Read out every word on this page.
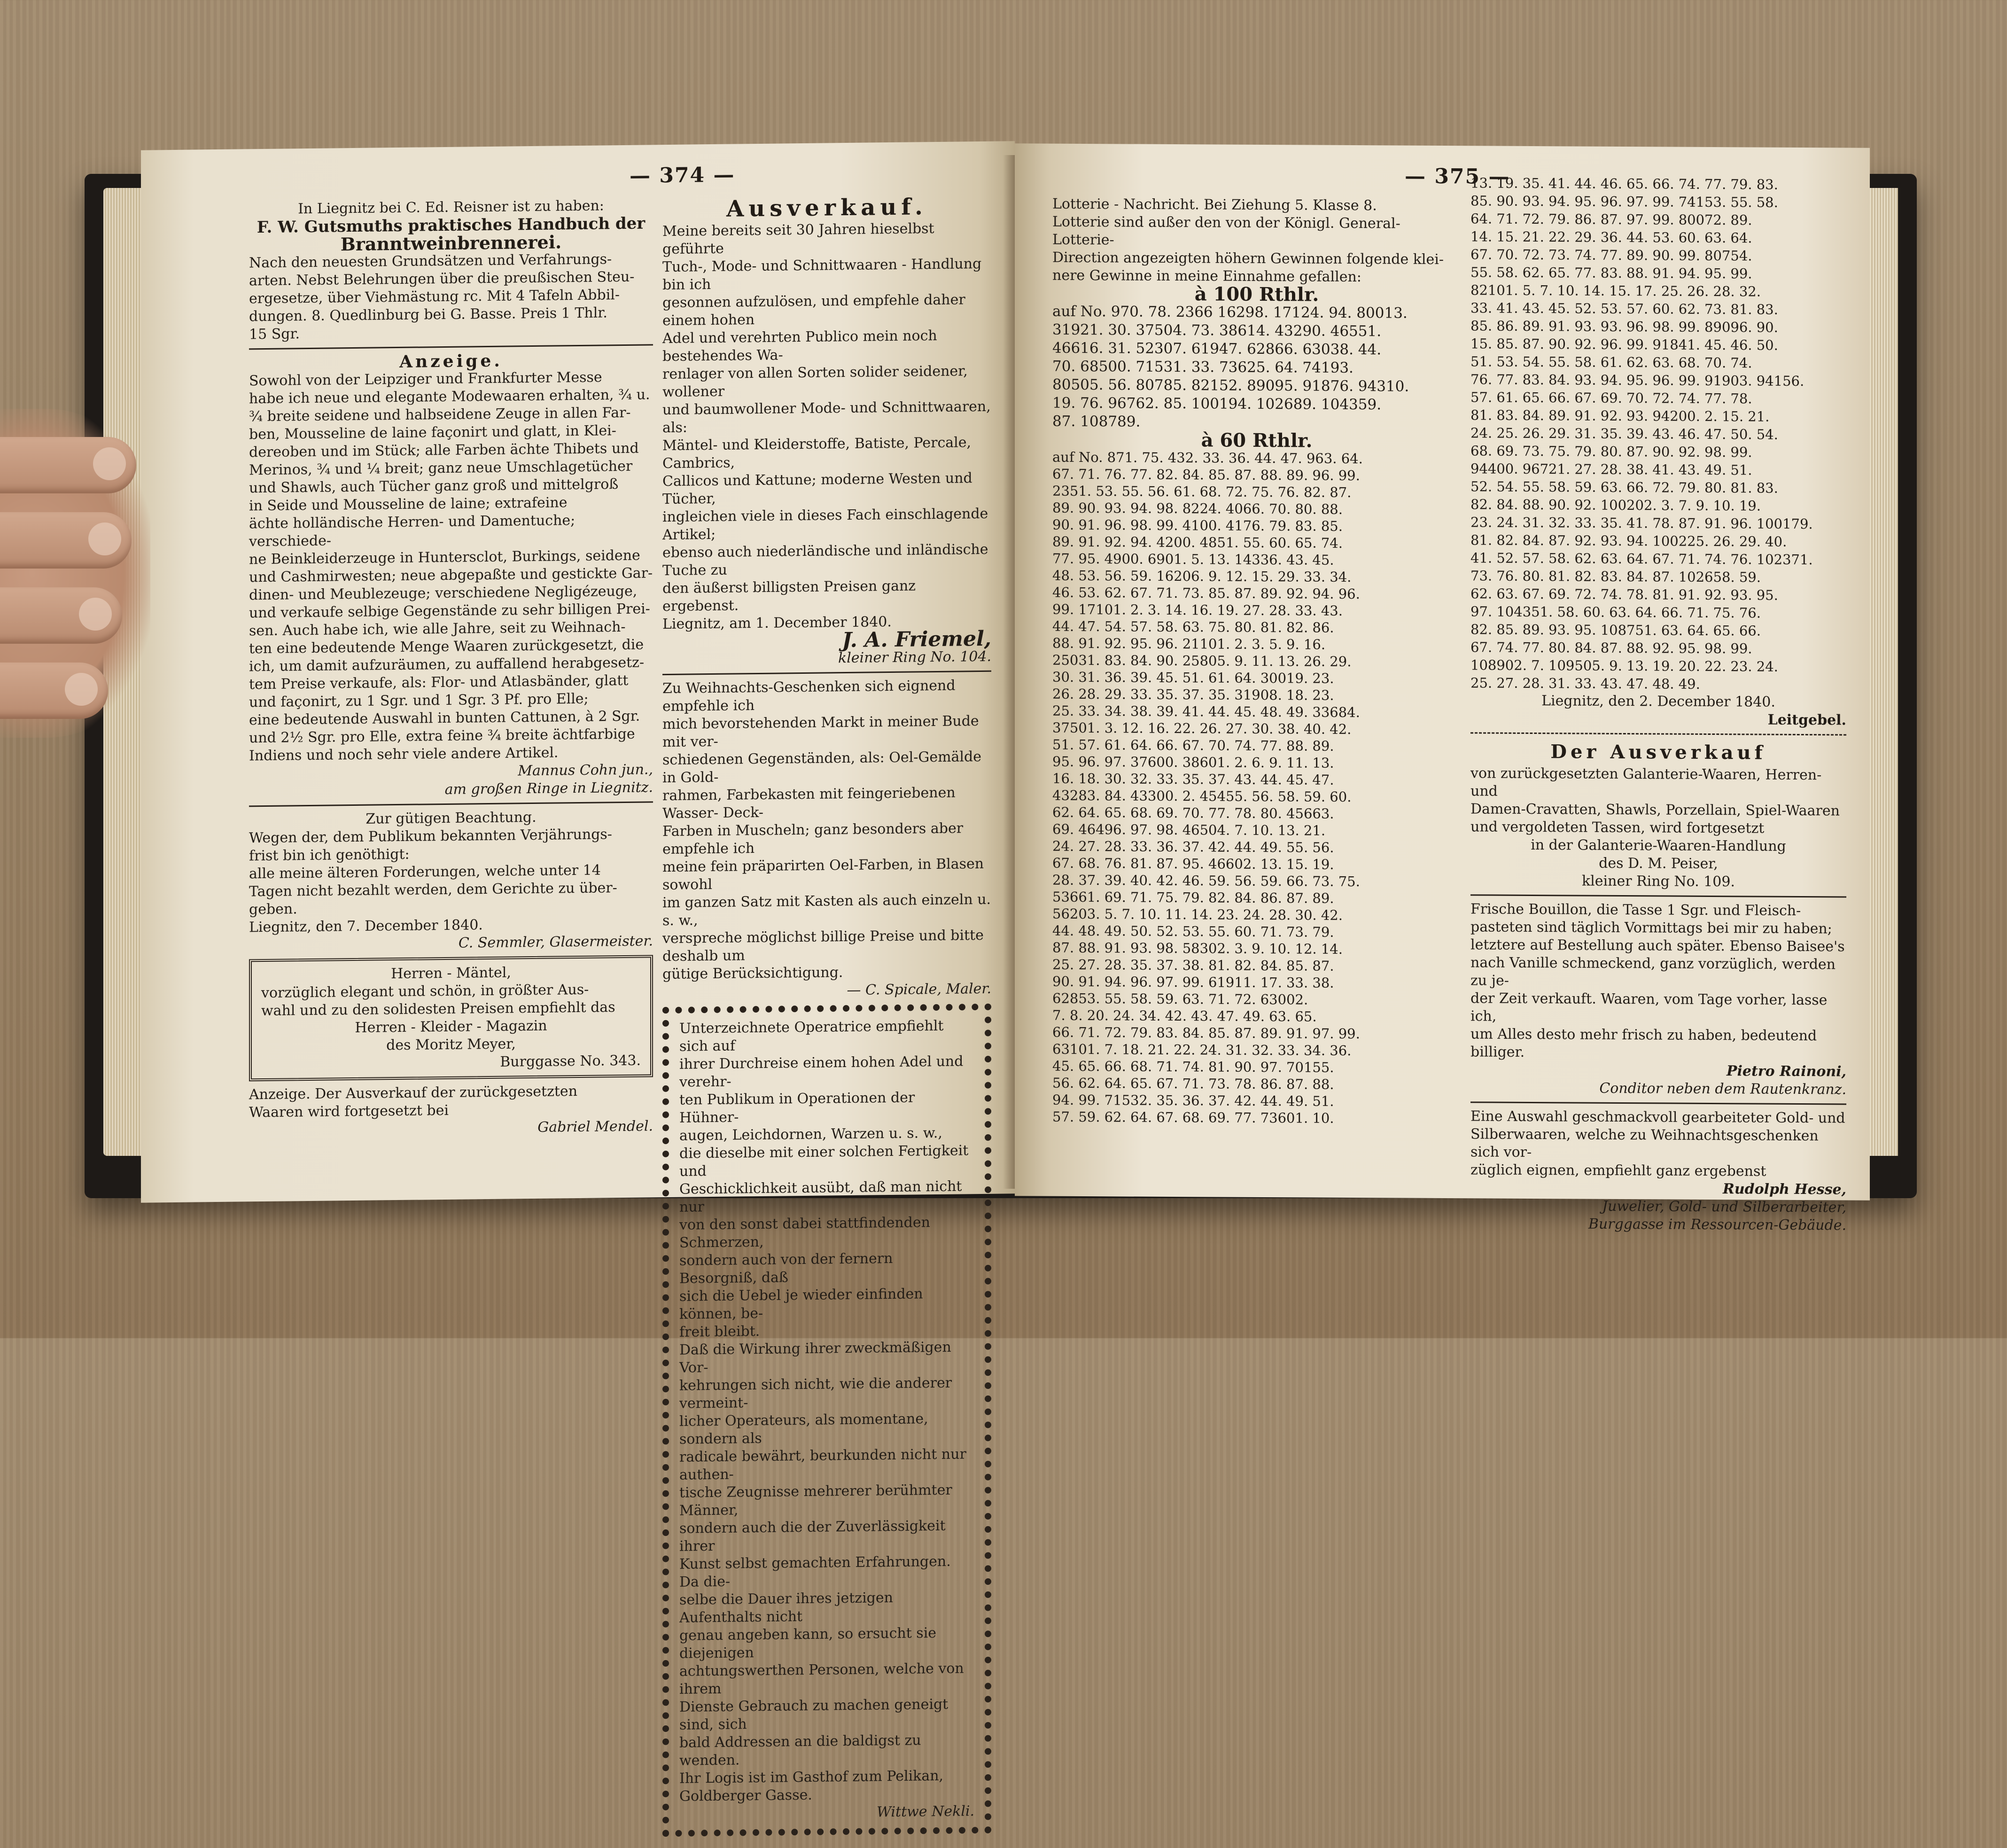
— 374 —

In Liegnitz bei C. Ed. Reisner ist zu haben:

F. W. Gutsmuths praktisches Handbuch der

Branntweinbrennerei.

Nach den neuesten Grundsätzen und Verfahrungs-

arten. Nebst Belehrungen über die preußischen Steu-

ergesetze, über Viehmästung rc. Mit 4 Tafeln Abbil-

dungen. 8. Quedlinburg bei G. Basse. Preis 1 Thlr.

15 Sgr.

Anzeige.

Sowohl von der Leipziger und Frankfurter Messe

habe ich neue und elegante Modewaaren erhalten, ¾ u.

¾ breite seidene und halbseidene Zeuge in allen Far-

ben, Mousseline de laine façonirt und glatt, in Klei-

dereoben und im Stück; alle Farben ächte Thibets und

Merinos, ¾ und ¼ breit; ganz neue Umschlagetücher

und Shawls, auch Tücher ganz groß und mittelgroß

in Seide und Mousseline de laine; extrafeine

ächte holländische Herren- und Damentuche; verschiede-

ne Beinkleiderzeuge in Huntersclot, Burkings, seidene

und Cashmirwesten; neue abgepaßte und gestickte Gar-

dinen- und Meublezeuge; verschiedene Negligézeuge,

und verkaufe selbige Gegenstände zu sehr billigen Prei-

sen. Auch habe ich, wie alle Jahre, seit zu Weihnach-

ten eine bedeutende Menge Waaren zurückgesetzt, die

ich, um damit aufzuräumen, zu auffallend herabgesetz-

tem Preise verkaufe, als: Flor- und Atlasbänder, glatt

und façonirt, zu 1 Sgr. und 1 Sgr. 3 Pf. pro Elle;

eine bedeutende Auswahl in bunten Cattunen, à 2 Sgr.

und 2½ Sgr. pro Elle, extra feine ¾ breite ächtfarbige

Indiens und noch sehr viele andere Artikel.

Mannus Cohn jun.,

am großen Ringe in Liegnitz.

Zur gütigen Beachtung.

Wegen der, dem Publikum bekannten Verjährungs-

frist bin ich genöthigt:

alle meine älteren Forderungen, welche unter 14

Tagen nicht bezahlt werden, dem Gerichte zu über-

geben.

Liegnitz, den 7. December 1840.

C. Semmler, Glasermeister.

Herren - Mäntel,

vorzüglich elegant und schön, in größter Aus-

wahl und zu den solidesten Preisen empfiehlt das

Herren - Kleider - Magazin

des Moritz Meyer,

Burggasse No. 343.

Anzeige. Der Ausverkauf der zurückgesetzten

Waaren wird fortgesetzt bei

Gabriel Mendel.

Ausverkauf.

Meine bereits seit 30 Jahren hieselbst geführte

Tuch-, Mode- und Schnittwaaren - Handlung bin ich

gesonnen aufzulösen, und empfehle daher einem hohen

Adel und verehrten Publico mein noch bestehendes Wa-

renlager von allen Sorten solider seidener, wollener

und baumwollener Mode- und Schnittwaaren, als:

Mäntel- und Kleiderstoffe, Batiste, Percale, Cambrics,

Callicos und Kattune; moderne Westen und Tücher,

ingleichen viele in dieses Fach einschlagende Artikel;

ebenso auch niederländische und inländische Tuche zu

den äußerst billigsten Preisen ganz ergebenst.

Liegnitz, am 1. December 1840.

J. A. Friemel,

kleiner Ring No. 104.

Zu Weihnachts-Geschenken sich eignend empfehle ich

mich bevorstehenden Markt in meiner Bude mit ver-

schiedenen Gegenständen, als: Oel-Gemälde in Gold-

rahmen, Farbekasten mit feingeriebenen Wasser- Deck-

Farben in Muscheln; ganz besonders aber empfehle ich

meine fein präparirten Oel-Farben, in Blasen sowohl

im ganzen Satz mit Kasten als auch einzeln u. s. w.,

verspreche möglichst billige Preise und bitte deshalb um

gütige Berücksichtigung.

— C. Spicale, Maler.

Unterzeichnete Operatrice empfiehlt sich auf

ihrer Durchreise einem hohen Adel und verehr-

ten Publikum in Operationen der Hühner-

augen, Leichdornen, Warzen u. s. w.,

die dieselbe mit einer solchen Fertigkeit und

Geschicklichkeit ausübt, daß man nicht nur

von den sonst dabei stattfindenden Schmerzen,

sondern auch von der fernern Besorgniß, daß

sich die Uebel je wieder einfinden können, be-

freit bleibt.

Daß die Wirkung ihrer zweckmäßigen Vor-

kehrungen sich nicht, wie die anderer vermeint-

licher Operateurs, als momentane, sondern als

radicale bewährt, beurkunden nicht nur authen-

tische Zeugnisse mehrerer berühmter Männer,

sondern auch die der Zuverlässigkeit ihrer

Kunst selbst gemachten Erfahrungen. Da die-

selbe die Dauer ihres jetzigen Aufenthalts nicht

genau angeben kann, so ersucht sie diejenigen

achtungswerthen Personen, welche von ihrem

Dienste Gebrauch zu machen geneigt sind, sich

bald Addressen an die baldigst zu wenden.

Ihr Logis ist im Gasthof zum Pelikan,

Goldberger Gasse.

Wittwe Nekli.

— 375 —

Lotterie - Nachricht. Bei Ziehung 5. Klasse 8.

Lotterie sind außer den von der Königl. General-Lotterie-

Direction angezeigten höhern Gewinnen folgende klei-

nere Gewinne in meine Einnahme gefallen:

à 100 Rthlr.

auf No. 970. 78. 2366 16298. 17124. 94. 80013.
31921. 30. 37504. 73. 38614. 43290. 46551.
46616. 31. 52307. 61947. 62866. 63038. 44.
70. 68500. 71531. 33. 73625. 64. 74193.
80505. 56. 80785. 82152. 89095. 91876. 94310.
19. 76. 96762. 85. 100194. 102689. 104359.
87. 108789.

à 60 Rthlr.

auf No. 871. 75. 432. 33. 36. 44. 47. 963. 64.
67. 71. 76. 77. 82. 84. 85. 87. 88. 89. 96. 99.
2351. 53. 55. 56. 61. 68. 72. 75. 76. 82. 87.
89. 90. 93. 94. 98. 8224. 4066. 70. 80. 88.
90. 91. 96. 98. 99. 4100. 4176. 79. 83. 85.
89. 91. 92. 94. 4200. 4851. 55. 60. 65. 74.
77. 95. 4900. 6901. 5. 13. 14336. 43. 45.
48. 53. 56. 59. 16206. 9. 12. 15. 29. 33. 34.
46. 53. 62. 67. 71. 73. 85. 87. 89. 92. 94. 96.
99. 17101. 2. 3. 14. 16. 19. 27. 28. 33. 43.
44. 47. 54. 57. 58. 63. 75. 80. 81. 82. 86.
88. 91. 92. 95. 96. 21101. 2. 3. 5. 9. 16.
25031. 83. 84. 90. 25805. 9. 11. 13. 26. 29.
30. 31. 36. 39. 45. 51. 61. 64. 30019. 23.
26. 28. 29. 33. 35. 37. 35. 31908. 18. 23.
25. 33. 34. 38. 39. 41. 44. 45. 48. 49. 33684.
37501. 3. 12. 16. 22. 26. 27. 30. 38. 40. 42.
51. 57. 61. 64. 66. 67. 70. 74. 77. 88. 89.
95. 96. 97. 37600. 38601. 2. 6. 9. 11. 13.
16. 18. 30. 32. 33. 35. 37. 43. 44. 45. 47.
43283. 84. 43300. 2. 45455. 56. 58. 59. 60.
62. 64. 65. 68. 69. 70. 77. 78. 80. 45663.
69. 46496. 97. 98. 46504. 7. 10. 13. 21.
24. 27. 28. 33. 36. 37. 42. 44. 49. 55. 56.
67. 68. 76. 81. 87. 95. 46602. 13. 15. 19.
28. 37. 39. 40. 42. 46. 59. 56. 59. 66. 73. 75.
53661. 69. 71. 75. 79. 82. 84. 86. 87. 89.
56203. 5. 7. 10. 11. 14. 23. 24. 28. 30. 42.
44. 48. 49. 50. 52. 53. 55. 60. 71. 73. 79.
87. 88. 91. 93. 98. 58302. 3. 9. 10. 12. 14.
25. 27. 28. 35. 37. 38. 81. 82. 84. 85. 87.
90. 91. 94. 96. 97. 99. 61911. 17. 33. 38.
62853. 55. 58. 59. 63. 71. 72. 63002.
7. 8. 20. 24. 34. 42. 43. 47. 49. 63. 65.
66. 71. 72. 79. 83. 84. 85. 87. 89. 91. 97. 99.
63101. 7. 18. 21. 22. 24. 31. 32. 33. 34. 36.
45. 65. 66. 68. 71. 74. 81. 90. 97. 70155.
56. 62. 64. 65. 67. 71. 73. 78. 86. 87. 88.
94. 99. 71532. 35. 36. 37. 42. 44. 49. 51.
57. 59. 62. 64. 67. 68. 69. 77. 73601. 10.
13. 19. 35. 41. 44. 46. 65. 66. 74. 77. 79. 83.
85. 90. 93. 94. 95. 96. 97. 99. 74153. 55. 58.
64. 71. 72. 79. 86. 87. 97. 99. 80072. 89.
14. 15. 21. 22. 29. 36. 44. 53. 60. 63. 64.
67. 70. 72. 73. 74. 77. 89. 90. 99. 80754.
55. 58. 62. 65. 77. 83. 88. 91. 94. 95. 99.
82101. 5. 7. 10. 14. 15. 17. 25. 26. 28. 32.
33. 41. 43. 45. 52. 53. 57. 60. 62. 73. 81. 83.
85. 86. 89. 91. 93. 93. 96. 98. 99. 89096. 90.
15. 85. 87. 90. 92. 96. 99. 91841. 45. 46. 50.
51. 53. 54. 55. 58. 61. 62. 63. 68. 70. 74.
76. 77. 83. 84. 93. 94. 95. 96. 99. 91903. 94156.
57. 61. 65. 66. 67. 69. 70. 72. 74. 77. 78.
81. 83. 84. 89. 91. 92. 93. 94200. 2. 15. 21.
24. 25. 26. 29. 31. 35. 39. 43. 46. 47. 50. 54.
68. 69. 73. 75. 79. 80. 87. 90. 92. 98. 99.
94400. 96721. 27. 28. 38. 41. 43. 49. 51.
52. 54. 55. 58. 59. 63. 66. 72. 79. 80. 81. 83.
82. 84. 88. 90. 92. 100202. 3. 7. 9. 10. 19.
23. 24. 31. 32. 33. 35. 41. 78. 87. 91. 96. 100179.
81. 82. 84. 87. 92. 93. 94. 100225. 26. 29. 40.
41. 52. 57. 58. 62. 63. 64. 67. 71. 74. 76. 102371.
73. 76. 80. 81. 82. 83. 84. 87. 102658. 59.
62. 63. 67. 69. 72. 74. 78. 81. 91. 92. 93. 95.
97. 104351. 58. 60. 63. 64. 66. 71. 75. 76.
82. 85. 89. 93. 95. 108751. 63. 64. 65. 66.
67. 74. 77. 80. 84. 87. 88. 92. 95. 98. 99.
108902. 7. 109505. 9. 13. 19. 20. 22. 23. 24.
25. 27. 28. 31. 33. 43. 47. 48. 49.

Liegnitz, den 2. December 1840.

Leitgebel.

Der Ausverkauf

von zurückgesetzten Galanterie-Waaren, Herren- und

Damen-Cravatten, Shawls, Porzellain, Spiel-Waaren

und vergoldeten Tassen, wird fortgesetzt

in der Galanterie-Waaren-Handlung

des D. M. Peiser,

kleiner Ring No. 109.

Frische Bouillon, die Tasse 1 Sgr. und Fleisch-

pasteten sind täglich Vormittags bei mir zu haben;

letztere auf Bestellung auch später. Ebenso Baisee's

nach Vanille schmeckend, ganz vorzüglich, werden zu je-

der Zeit verkauft. Waaren, vom Tage vorher, lasse ich,

um Alles desto mehr frisch zu haben, bedeutend billiger.

Pietro Rainoni,

Conditor neben dem Rautenkranz.

Eine Auswahl geschmackvoll gearbeiteter Gold- und

Silberwaaren, welche zu Weihnachtsgeschenken sich vor-

züglich eignen, empfiehlt ganz ergebenst

Rudolph Hesse,

Juwelier, Gold- und Silberarbeiter,

Burggasse im Ressourcen-Gebäude.
